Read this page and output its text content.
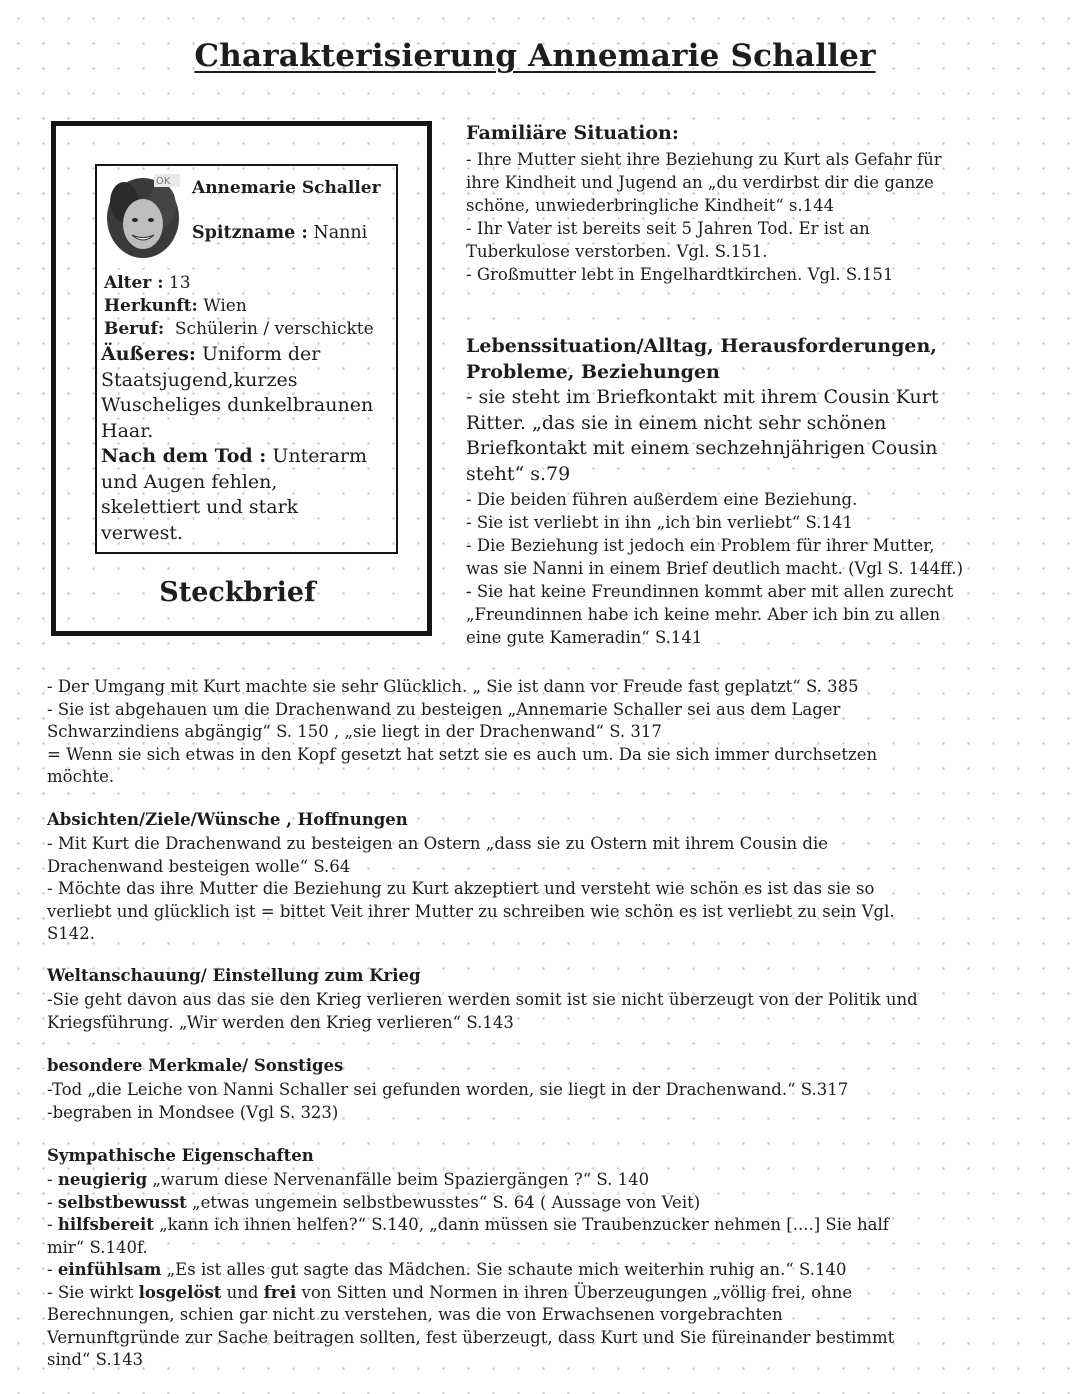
Charakterisierung Annemarie Schaller
OK Annemarie Schaller
Spitzname : Nanni
Alter : 13
Herkunft: Wien
Beruf: Schülerin / verschickte
Äußeres: Uniform der
Staatsjugend,kurzes
Wuscheliges dunkelbraunen
Haar.
Nach dem Tod : Unterarm
und Augen fehlen,
skelettiert und stark
verwest.
Steckbrief
Familiäre Situation:
- Ihre Mutter sieht ihre Beziehung zu Kurt als Gefahr für
ihre Kindheit und Jugend an „du verdirbst dir die ganze
schöne, unwiederbringliche Kindheit“ s.144
- Ihr Vater ist bereits seit 5 Jahren Tod. Er ist an
Tuberkulose verstorben. Vgl. S.151.
- Großmutter lebt in Engelhardtkirchen. Vgl. S.151
Lebenssituation/Alltag, Herausforderungen,
Probleme, Beziehungen
- sie steht im Briefkontakt mit ihrem Cousin Kurt
Ritter. „das sie in einem nicht sehr schönen
Briefkontakt mit einem sechzehnjährigen Cousin
steht“ s.79
- Die beiden führen außerdem eine Beziehung.
- Sie ist verliebt in ihn „ich bin verliebt“ S.141
- Die Beziehung ist jedoch ein Problem für ihrer Mutter,
was sie Nanni in einem Brief deutlich macht. (Vgl S. 144ff.)
- Sie hat keine Freundinnen kommt aber mit allen zurecht
„Freundinnen habe ich keine mehr. Aber ich bin zu allen
eine gute Kameradin“ S.141
- Der Umgang mit Kurt machte sie sehr Glücklich. „ Sie ist dann vor Freude fast geplatzt“ S. 385
- Sie ist abgehauen um die Drachenwand zu besteigen „Annemarie Schaller sei aus dem Lager
Schwarzindiens abgängig“ S. 150 , „sie liegt in der Drachenwand“ S. 317
= Wenn sie sich etwas in den Kopf gesetzt hat setzt sie es auch um. Da sie sich immer durchsetzen
möchte.
Absichten/Ziele/Wünsche , Hoffnungen
- Mit Kurt die Drachenwand zu besteigen an Ostern „dass sie zu Ostern mit ihrem Cousin die
Drachenwand besteigen wolle“ S.64
- Möchte das ihre Mutter die Beziehung zu Kurt akzeptiert und versteht wie schön es ist das sie so
verliebt und glücklich ist = bittet Veit ihrer Mutter zu schreiben wie schön es ist verliebt zu sein Vgl.
S142.
Weltanschauung/ Einstellung zum Krieg
-Sie geht davon aus das sie den Krieg verlieren werden somit ist sie nicht überzeugt von der Politik und
Kriegsführung. „Wir werden den Krieg verlieren“ S.143
besondere Merkmale/ Sonstiges
-Tod „die Leiche von Nanni Schaller sei gefunden worden, sie liegt in der Drachenwand.“ S.317
-begraben in Mondsee (Vgl S. 323)
Sympathische Eigenschaften
- neugierig „warum diese Nervenanfälle beim Spaziergängen ?“ S. 140
- selbstbewusst „etwas ungemein selbstbewusstes“ S. 64 ( Aussage von Veit)
- hilfsbereit „kann ich ihnen helfen?“ S.140, „dann müssen sie Traubenzucker nehmen [....] Sie half
mir“ S.140f.
- einfühlsam „Es ist alles gut sagte das Mädchen. Sie schaute mich weiterhin ruhig an.“ S.140
- Sie wirkt losgelöst und frei von Sitten und Normen in ihren Überzeugungen „völlig frei, ohne
Berechnungen, schien gar nicht zu verstehen, was die von Erwachsenen vorgebrachten
Vernunftgründe zur Sache beitragen sollten, fest überzeugt, dass Kurt und Sie füreinander bestimmt
sind“ S.143
